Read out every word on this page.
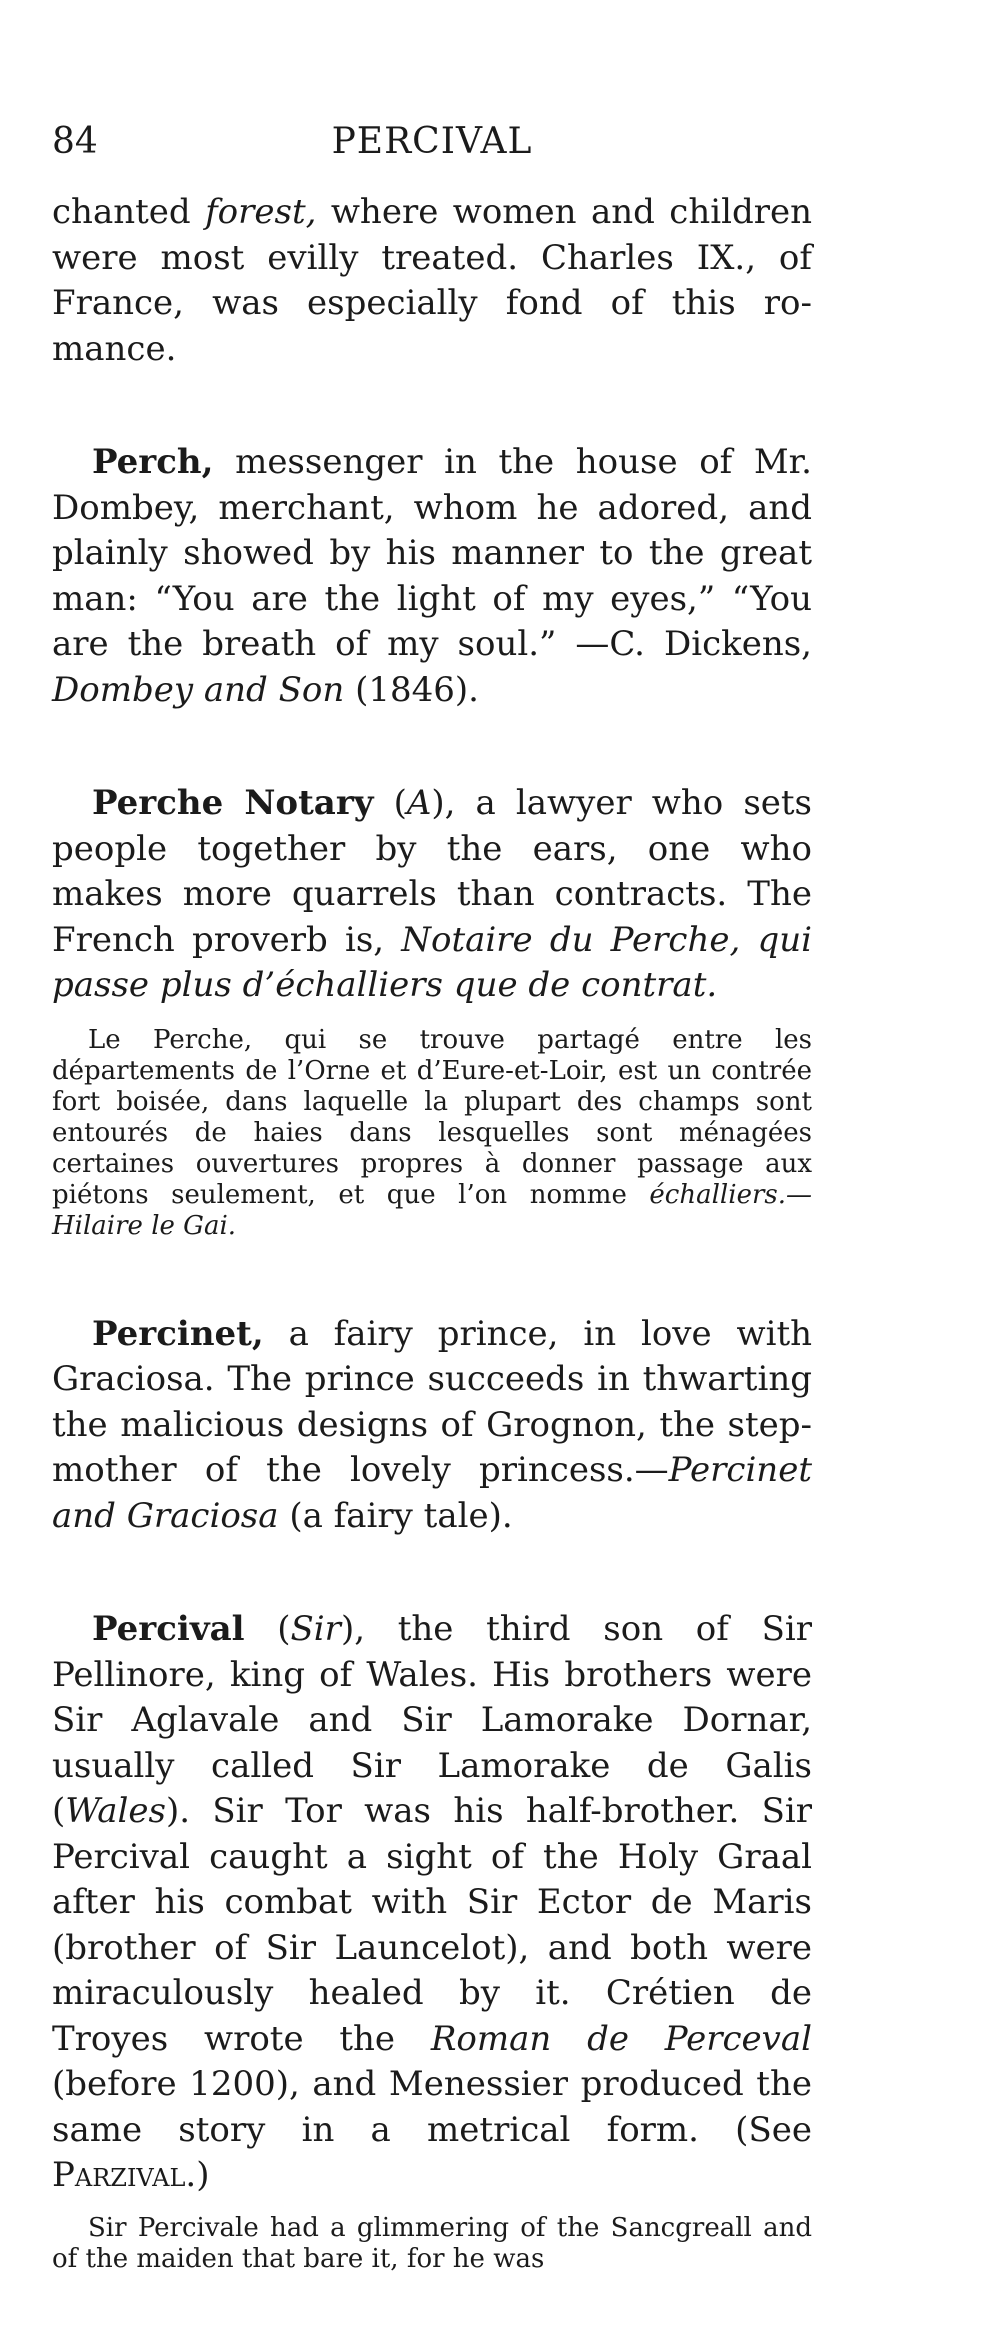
84	PERCIVAL

chanted forest, where women and children were most evilly treated. Charles IX., of France, was especially fond of this romance.

Perch, messenger in the house of Mr. Dombey, merchant, whom he adored, and plainly showed by his manner to the great man: “You are the light of my eyes,” “You are the breath of my soul.” —C. Dickens, Dombey and Son (1846).

Perche Notary (A), a lawyer who sets people together by the ears, one who makes more quarrels than contracts. The French proverb is, Notaire du Perche, qui passe plus d’échalliers que de contrat.

Le Perche, qui se trouve partagé entre les départements de l’Orne et d’Eure-et-Loir, est un contrée fort boisée, dans laquelle la plupart des champs sont entourés de haies dans lesquelles sont ménagées certaines ouvertures propres à donner passage aux piétons seulement, et que l’on nomme échalliers.—Hilaire le Gai.

Percinet, a fairy prince, in love with Graciosa. The prince succeeds in thwarting the malicious designs of Grognon, the step-mother of the lovely princess.—Percinet and Graciosa (a fairy tale).

Percival (Sir), the third son of Sir Pellinore, king of Wales. His brothers were Sir Aglavale and Sir Lamorake Dornar, usually called Sir Lamorake de Galis (Wales). Sir Tor was his half-brother. Sir Percival caught a sight of the Holy Graal after his combat with Sir Ector de Maris (brother of Sir Launcelot), and both were miraculously healed by it. Crétien de Troyes wrote the Roman de Perceval (before 1200), and Menessier produced the same story in a metrical form. (See Parzival.)

Sir Percivale had a glimmering of the Sancgreall and of the maiden that bare it, for he was
